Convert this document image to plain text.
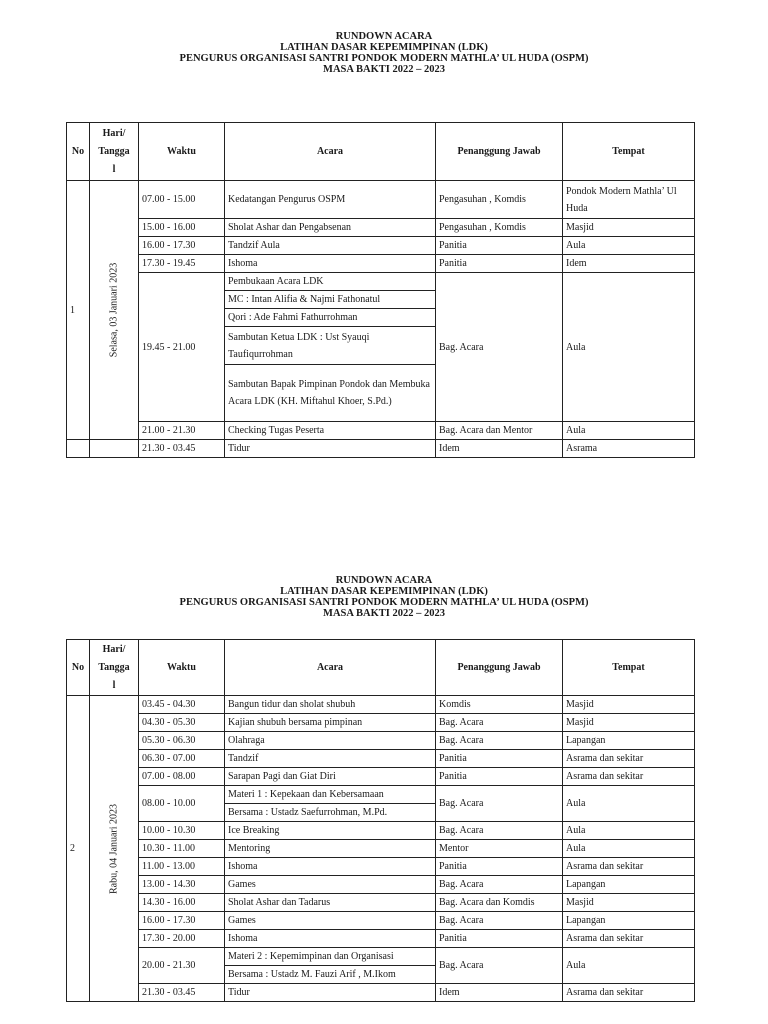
RUNDOWN ACARA
LATIHAN DASAR KEPEMIMPINAN (LDK)
PENGURUS ORGANISASI SANTRI PONDOK MODERN MATHLA’ UL HUDA (OSPM)
MASA BAKTI 2022 – 2023
No	Hari/
Tangga
l	Waktu	Acara	Penanggung Jawab	Tempat
1	Selasa, 03 Januari 2023	07.00 - 15.00	Kedatangan Pengurus OSPM	Pengasuhan , Komdis	Pondok Modern Mathla’ Ul Huda
		15.00 - 16.00	Sholat Ashar dan Pengabsenan	Pengasuhan , Komdis	Masjid
		16.00 - 17.30	Tandzif Aula	Panitia	Aula
		17.30 - 19.45	Ishoma	Panitia	Idem
		19.45 - 21.00	Pembukaan Acara LDK	Bag. Acara	Aula
			MC : Intan Alifia & Najmi Fathonatul		
			Qori : Ade Fahmi Fathurrohman		
			Sambutan Ketua LDK : Ust Syauqi Taufiqurrohman		
			Sambutan Bapak Pimpinan Pondok dan Membuka Acara LDK (KH. Miftahul Khoer, S.Pd.)		
		21.00 - 21.30	Checking Tugas Peserta	Bag. Acara dan Mentor	Aula
		21.30 - 03.45	Tidur	Idem	Asrama
RUNDOWN ACARA
LATIHAN DASAR KEPEMIMPINAN (LDK)
PENGURUS ORGANISASI SANTRI PONDOK MODERN MATHLA’ UL HUDA (OSPM)
MASA BAKTI 2022 – 2023
No	Hari/
Tangga
l	Waktu	Acara	Penanggung Jawab	Tempat
2	Rabu, 04 Januari 2023	03.45 - 04.30	Bangun tidur dan sholat shubuh	Komdis	Masjid
		04.30 - 05.30	Kajian shubuh bersama pimpinan	Bag. Acara	Masjid
		05.30 - 06.30	Olahraga	Bag. Acara	Lapangan
		06.30 - 07.00	Tandzif	Panitia	Asrama dan sekitar
		07.00 - 08.00	Sarapan Pagi dan Giat Diri	Panitia	Asrama dan sekitar
		08.00 - 10.00	Materi 1 : Kepekaan dan Kebersamaan	Bag. Acara	Aula
			Bersama : Ustadz Saefurrohman, M.Pd.		
		10.00 - 10.30	Ice Breaking	Bag. Acara	Aula
		10.30 - 11.00	Mentoring	Mentor	Aula
		11.00 - 13.00	Ishoma	Panitia	Asrama dan sekitar
		13.00 - 14.30	Games	Bag. Acara	Lapangan
		14.30 - 16.00	Sholat Ashar dan Tadarus	Bag. Acara dan Komdis	Masjid
		16.00 - 17.30	Games	Bag. Acara	Lapangan
		17.30 - 20.00	Ishoma	Panitia	Asrama dan sekitar
		20.00 - 21.30	Materi 2 : Kepemimpinan dan Organisasi	Bag. Acara	Aula
			Bersama : Ustadz M. Fauzi Arif , M.Ikom		
		21.30 - 03.45	Tidur	Idem	Asrama dan sekitar
